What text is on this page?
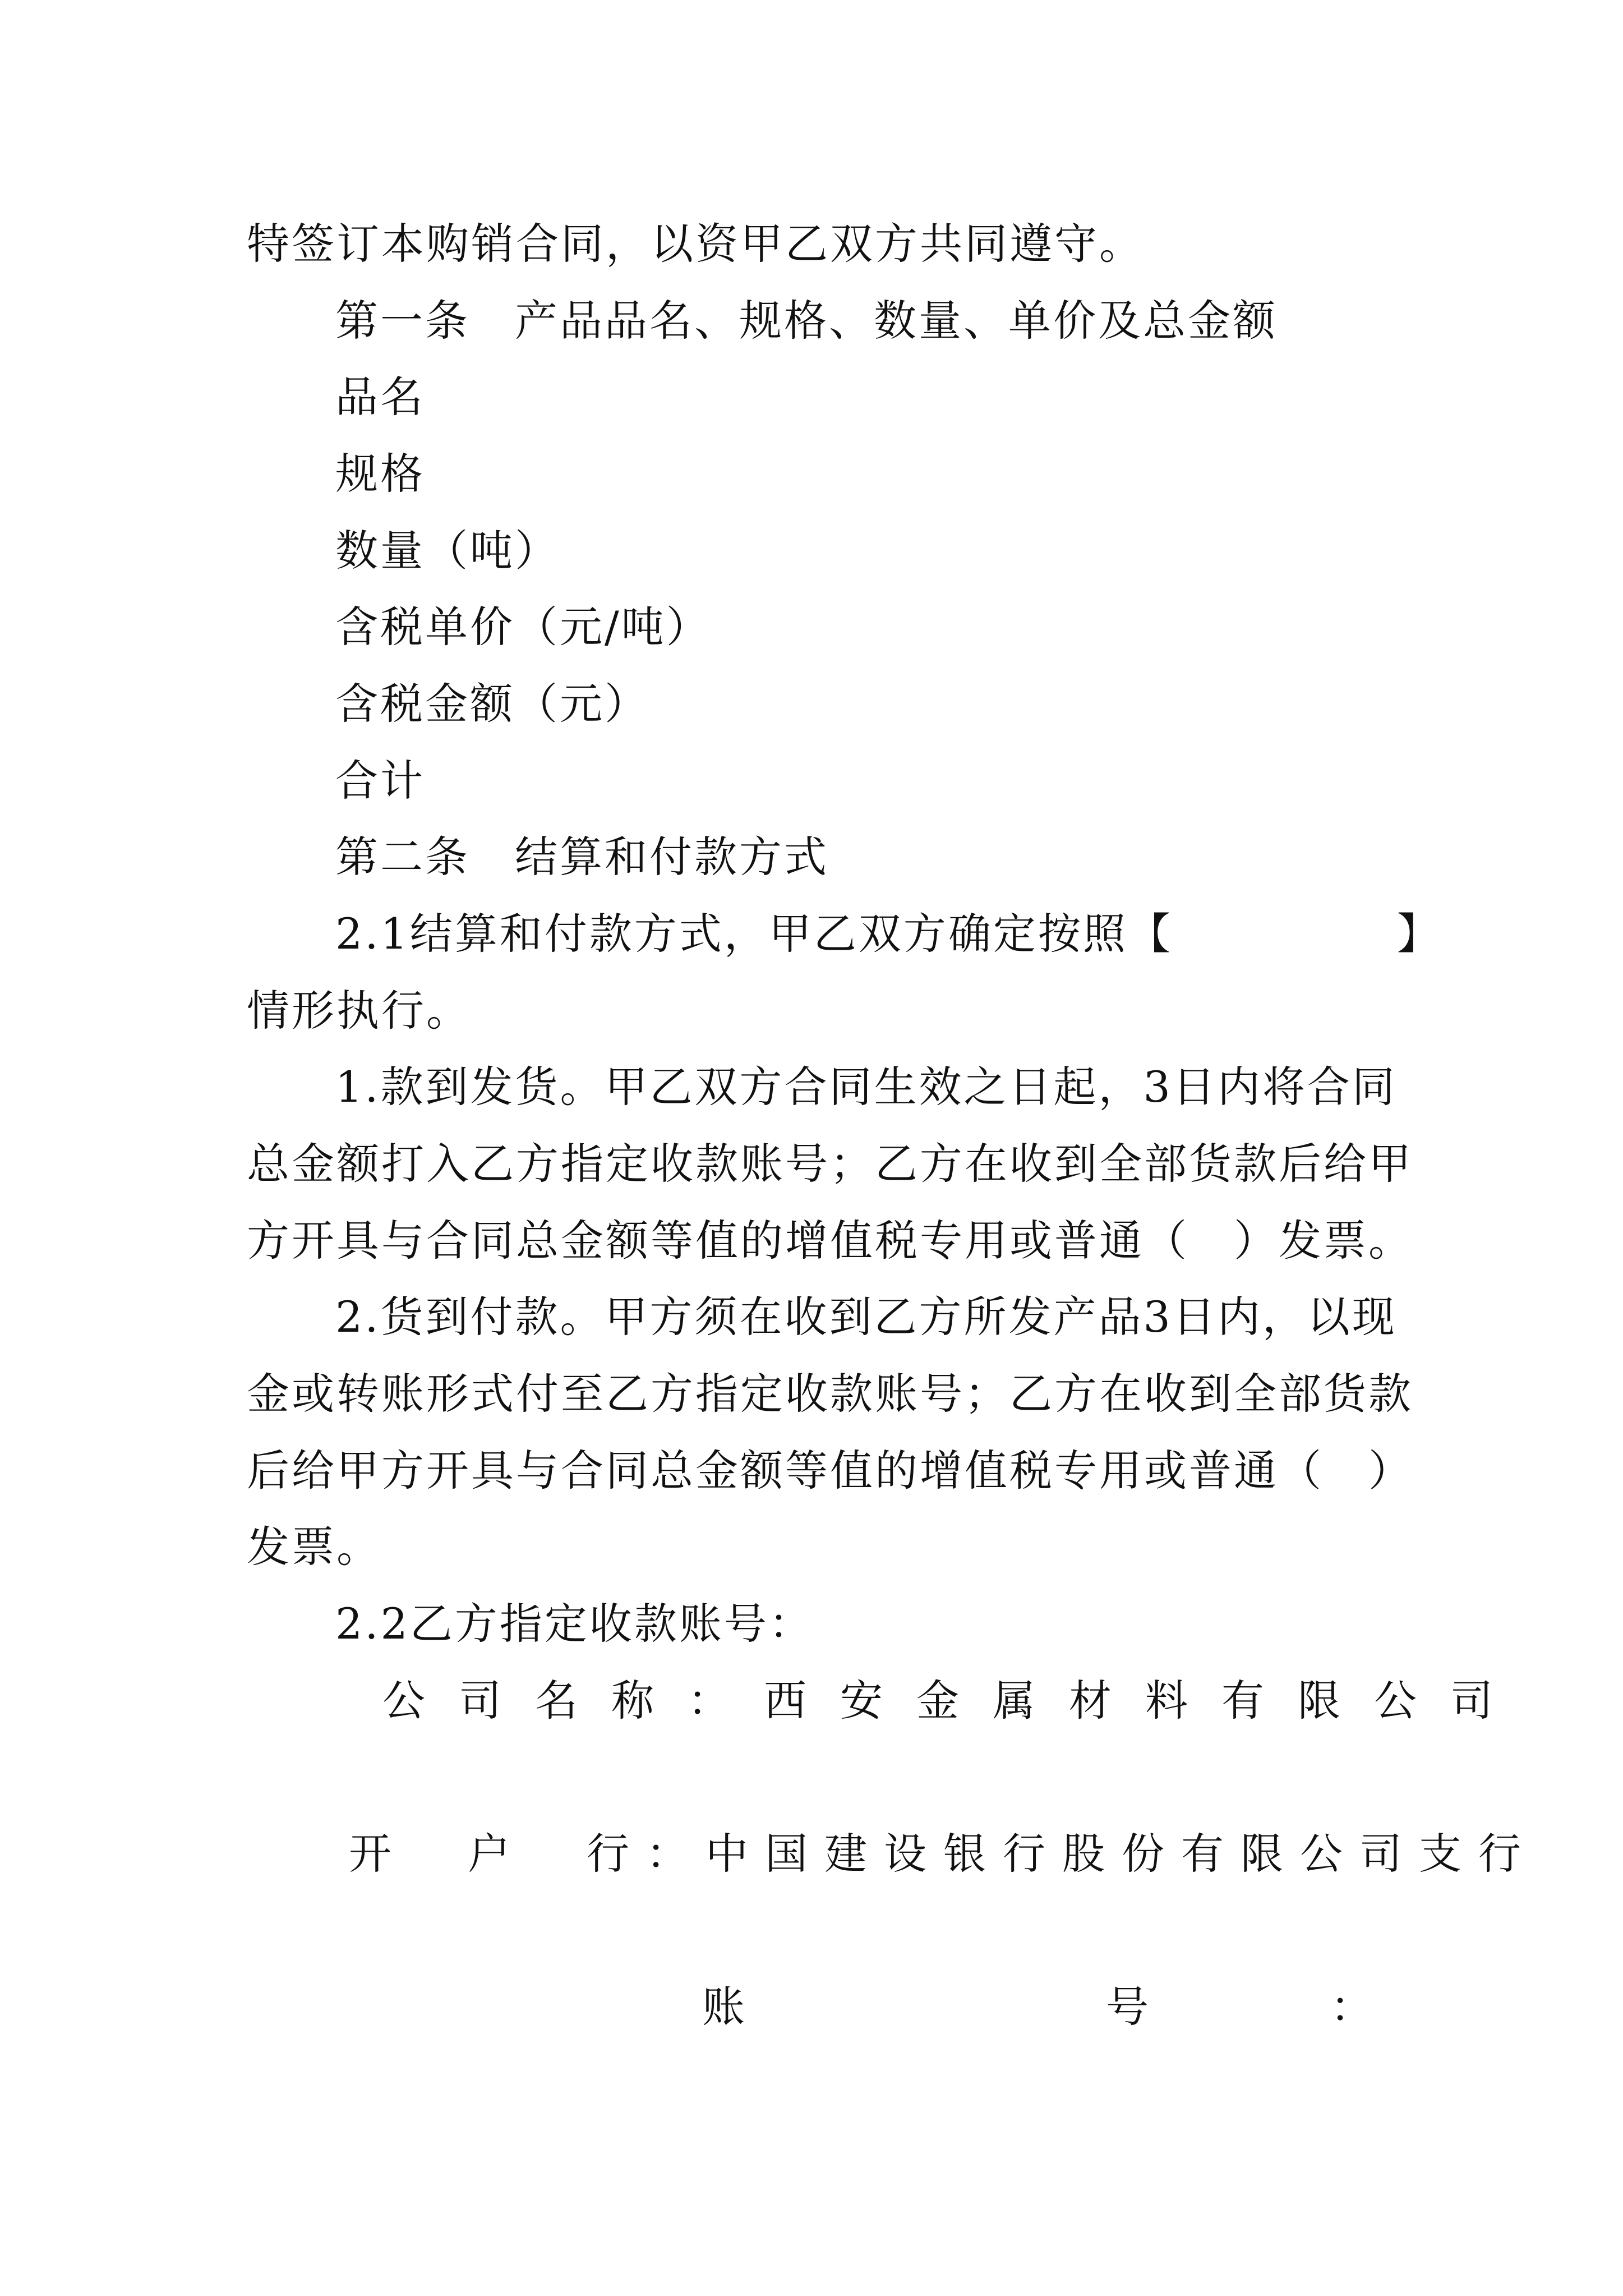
特签订本购销合同，以资甲乙双方共同遵守。
第一条　产品品名、规格、数量、单价及总金额
品名
规格
数量（吨）
含税单价（元/吨）
含税金额（元）
合计
第二条　结算和付款方式
2.1结算和付款方式，甲乙双方确定按照【　　　　　】
情形执行。
1.款到发货。甲乙双方合同生效之日起，3日内将合同
总金额打入乙方指定收款账号；乙方在收到全部货款后给甲
方开具与合同总金额等值的增值税专用或普通（　）发票。
2.货到付款。甲方须在收到乙方所发产品3日内，以现
金或转账形式付至乙方指定收款账号；乙方在收到全部货款
后给甲方开具与合同总金额等值的增值税专用或普通（　）
发票。
2.2乙方指定收款账号：
公司名称：西安金属材料有限公司
开　户　行：中国建设银行股份有限公司支行
账	号	：
